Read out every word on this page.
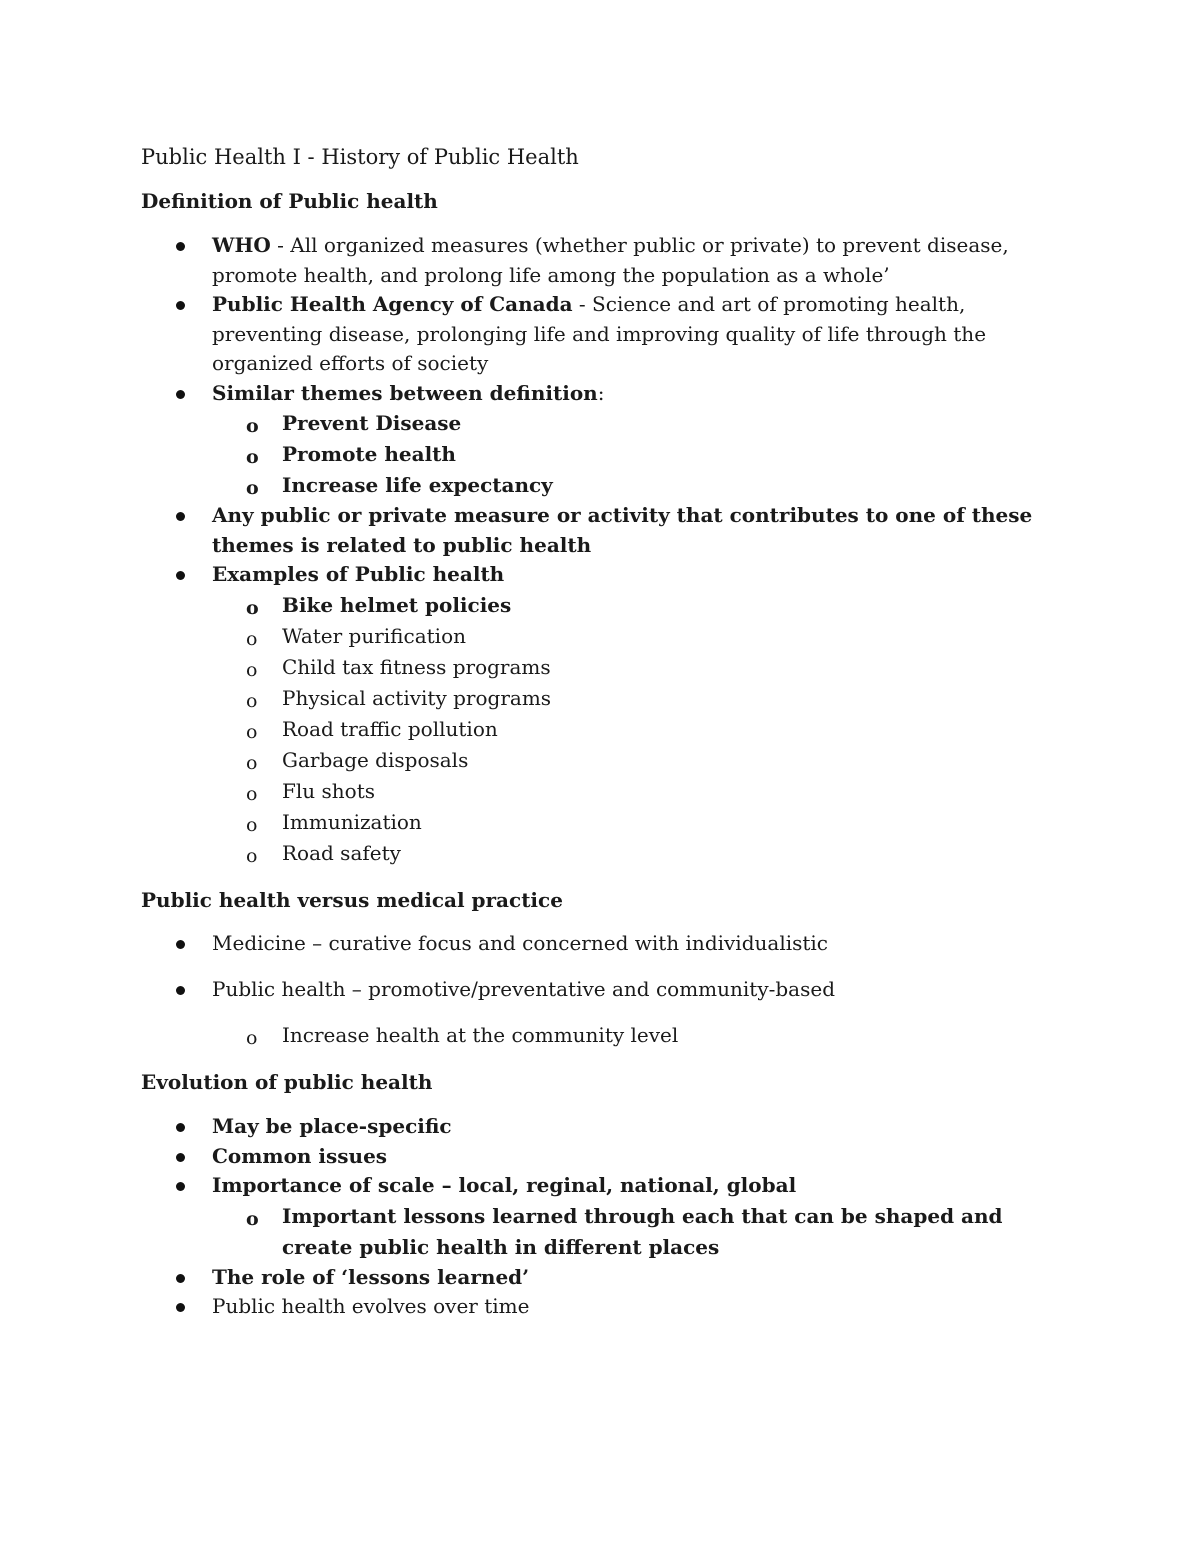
Public Health I - History of Public Health
Definition of Public health
WHO - All organized measures (whether public or private) to prevent disease, promote health, and prolong life among the population as a whole’
Public Health Agency of Canada - Science and art of promoting health, preventing disease, prolonging life and improving quality of life through the organized efforts of society
Similar themes between definition:
o Prevent Disease
o Promote health
o Increase life expectancy
Any public or private measure or activity that contributes to one of these themes is related to public health
Examples of Public health
o Bike helmet policies
o Water purification
o Child tax fitness programs
o Physical activity programs
o Road traffic pollution
o Garbage disposals
o Flu shots
o Immunization
o Road safety
Public health versus medical practice
Medicine – curative focus and concerned with individualistic
Public health – promotive/preventative and community-based
o Increase health at the community level
Evolution of public health
May be place-specific
Common issues
Importance of scale – local, reginal, national, global
o Important lessons learned through each that can be shaped and create public health in different places
The role of ‘lessons learned’
Public health evolves over time
